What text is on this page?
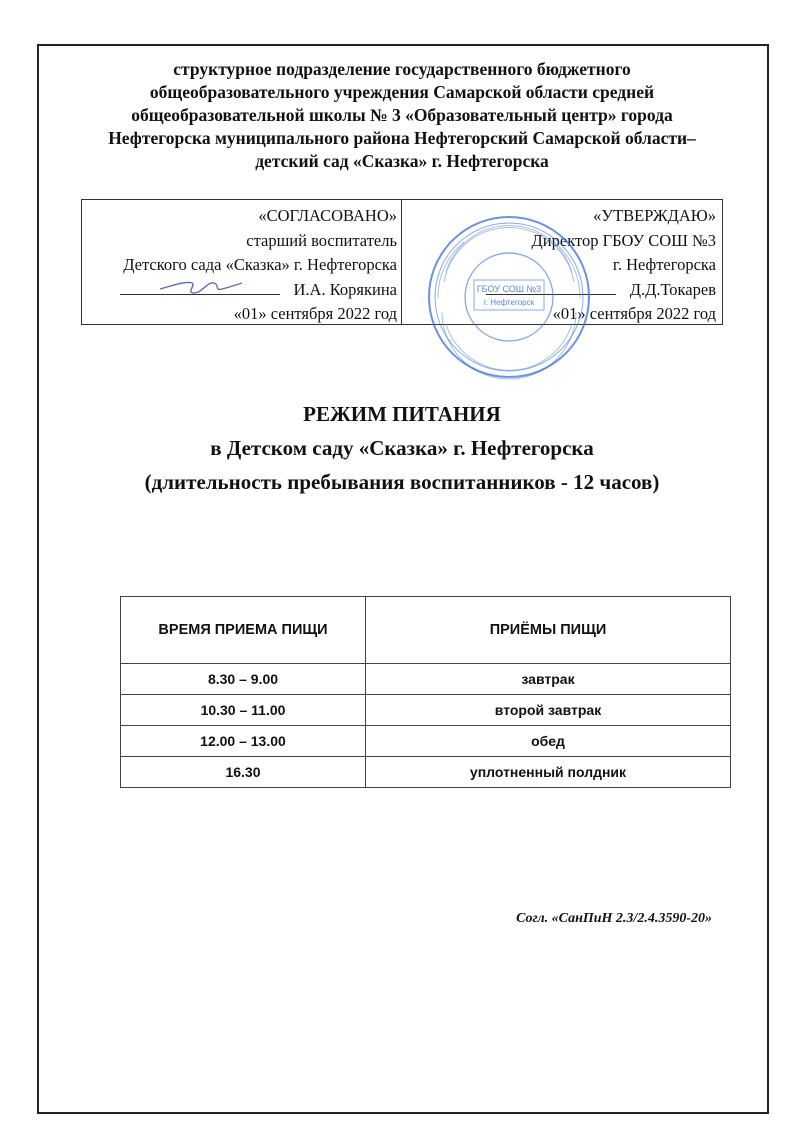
структурное подразделение государственного бюджетного
общеобразовательного учреждения Самарской области средней
общеобразовательной школы № 3 «Образовательный центр» города
Нефтегорска муниципального района Нефтегорский Самарской области–
детский сад «Сказка» г. Нефтегорска
«СОГЛАСОВАНО»
старший воспитатель
Детского сада «Сказка» г. Нефтегорска
И.А. Корякина
«01» сентября 2022 год
«УТВЕРЖДАЮ»
Директор ГБОУ СОШ №3
г. Нефтегорска
Д.Д.Токарев
«01» сентября 2022 год
ГБОУ СОШ №3
г. Нефтегорск
РЕЖИМ ПИТАНИЯ
в Детском саду «Сказка» г. Нефтегорска
(длительность пребывания воспитанников - 12 часов)
ВРЕМЯ ПРИЕМА ПИЩИ	ПРИЁМЫ ПИЩИ
8.30 – 9.00	завтрак
10.30 – 11.00	второй завтрак
12.00 – 13.00	обед
16.30	уплотненный полдник
Согл. «СанПиН 2.3/2.4.3590-20»
